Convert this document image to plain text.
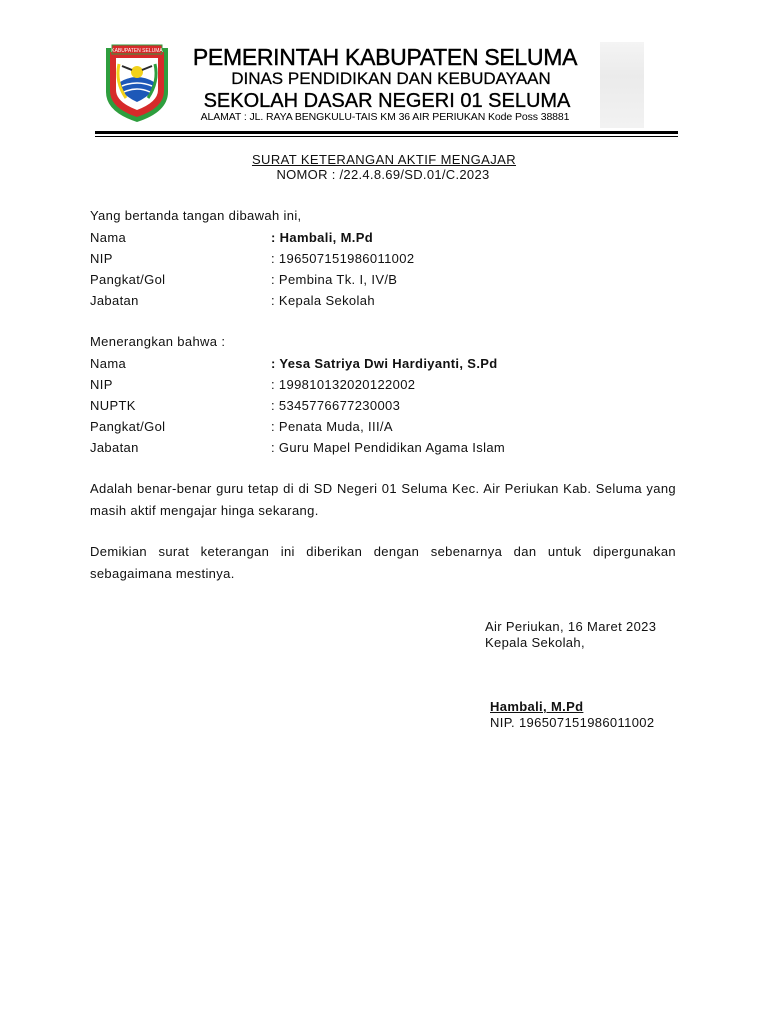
KABUPATEN SELUMA	PEMERINTAH KABUPATEN SELUMA
DINAS PENDIDIKAN DAN KEBUDAYAAN
SEKOLAH DASAR NEGERI 01 SELUMA
ALAMAT : JL. RAYA BENGKULU-TAIS KM 36 AIR PERIUKAN Kode Poss 38881
SURAT KETERANGAN AKTIF MENGAJAR
NOMOR : /22.4.8.69/SD.01/C.2023
Yang bertanda tangan dibawah ini,
Nama	: Hambali, M.Pd
NIP	: 196507151986011002
Pangkat/Gol	: Pembina Tk. I, IV/B
Jabatan	: Kepala Sekolah
Menerangkan bahwa :
Nama	: Yesa Satriya Dwi Hardiyanti, S.Pd
NIP	: 199810132020122002
NUPTK	: 5345776677230003
Pangkat/Gol	: Penata Muda, III/A
Jabatan	: Guru Mapel Pendidikan Agama Islam
Adalah benar-benar guru tetap di di SD Negeri 01 Seluma Kec. Air Periukan Kab. Seluma yang masih aktif mengajar hinga sekarang.
Demikian surat keterangan ini diberikan dengan sebenarnya dan untuk dipergunakan sebagaimana mestinya.
Air Periukan, 16 Maret 2023
Kepala Sekolah,
Hambali, M.Pd
NIP. 196507151986011002
